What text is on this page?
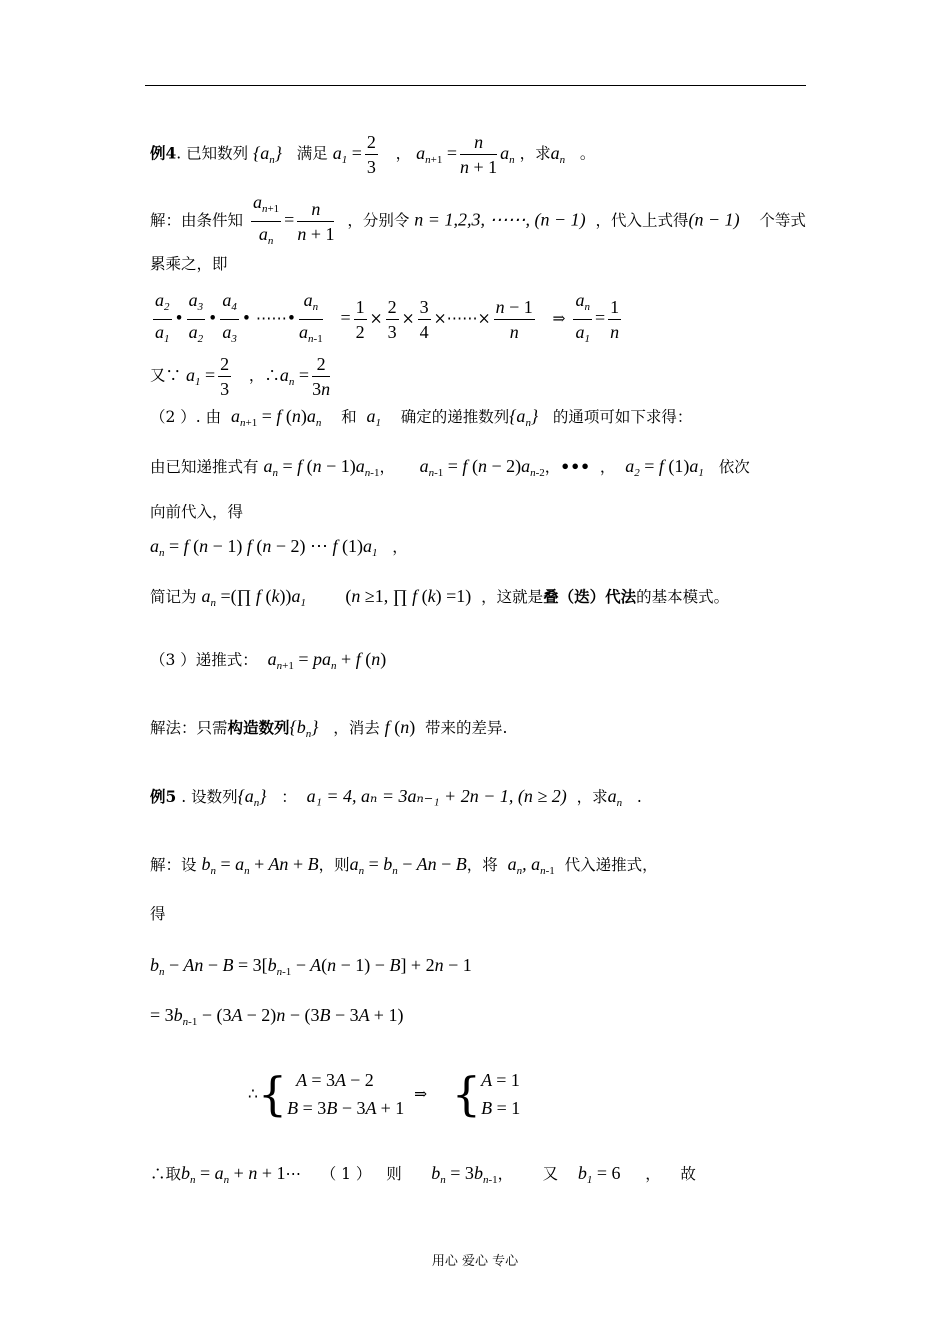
例4. 已知数列 $\{a_n\}$ 满足 $a_1 = \frac{2}{3}$ ， $a_{n+1} = \frac{n}{n + 1} a_n$ ，求$a_n$ 。
解：由条件知 $\frac{a_{n+1}}{a_n} = \frac{n}{n + 1}$ ，分别令 n = 1,2,3, ⋯⋯, (n − 1) ，代入上式得(n − 1) 个等式
累乘之，即
$\frac{a_2}{a_1}$ • $\frac{a_3}{a_2}$ • $\frac{a_4}{a_3}$ • ⋯⋯• $\frac{a_n}{a_{n-1}} = \frac{1}{2} \times \frac{2}{3} \times \frac{3}{4}$ ×⋯⋯× $\frac{n - 1}{n}$ ⇒ $\frac{a_n}{a_1} = \frac{1}{n}$
又∵ $a_1 = \frac{2}{3}$ ，$\therefore a_n = \frac{2}{3n}$
（2 ）. 由 $a_{n+1} = f$ $(n)a_n$ 和 $a_1$ 确定的递推数列$\{a_n\}$ 的通项可如下求得：
由已知递推式有 $a_n = f$ $(n - 1)a_{n-1}$，     $a_{n-1} = f$ $(n - 2)a_{n-2}$，•••  ，  $a_2 = f$ $(1)a_1$ 依次
向前代入，得
$a_n = f$ (n − 1) f (n − 2) ⋯ f $(1)a_1$   ，
简记为 $a_n$ =(∏ f $(k))a_1$ (n ≥1, ∏ f (k) =1) ，这就是叠（迭）代法的基本模式。
（3 ）递推式： $a_{n+1} = pa_n + f$ (n)
解法：只需构造数列$\{b_n\}$ ，消去 f (n) 带来的差异.
例5 . 设数列$\{a_n\}$ ： a₁ = 4, aₙ = 3aₙ₋₁ + 2n − 1, (n ≥ 2) ，求$a_n$ .
解：设 $b_n = a_n + An + B$，则$a_n = b_n - An - B$，将 $a_n$, $a_{n-1}$ 代入递推式，
得
$b_n - An - B = 3[b_{n-1} - A(n - 1) - B] + 2n - 1$
= $3b_{n-1} - (3A - 2)n - (3B - 3A + 1)$
∴{ A = 3A − 2
B = 3B − 3A + 1
⇒     { A = 1
B = 1
∴取$b_n = a_n + n$ + 1⋯ （ 1 ） 则 $b_n = 3b_{n-1}$，      又 $b_1 = 6$     ，    故
用心 爱心 专心
